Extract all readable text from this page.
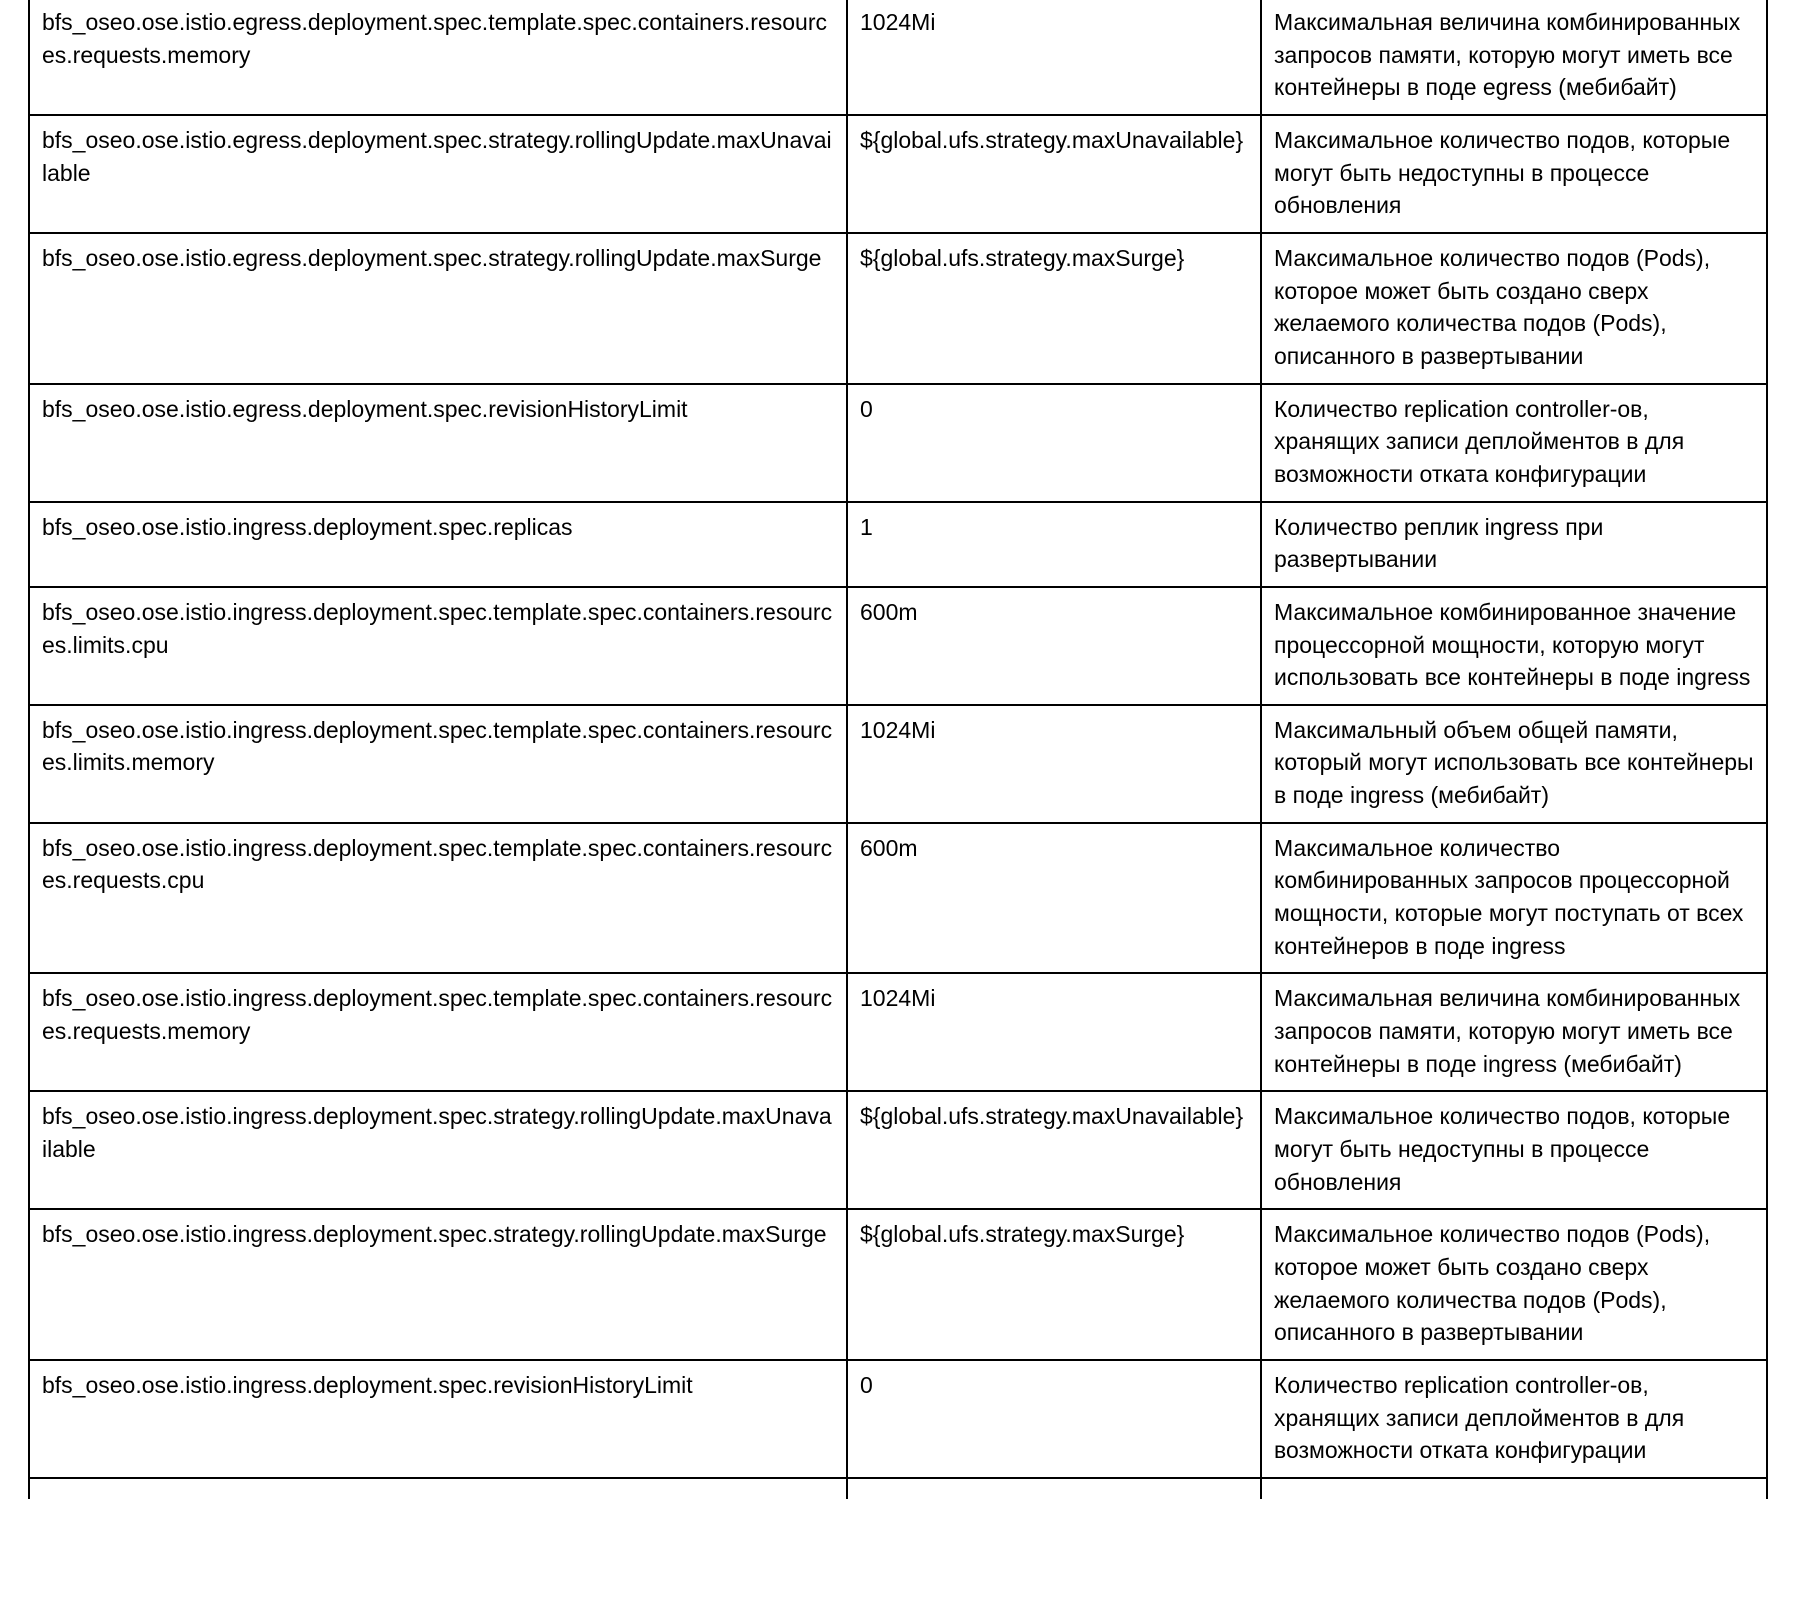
bfs_oseo.ose.istio.egress.deployment.spec.template.spec.containers.resources.requests.memory	1024Mi	Максимальная величина комбинированных запросов памяти, которую могут иметь все контейнеры в поде egress (мебибайт)
bfs_oseo.ose.istio.egress.deployment.spec.strategy.rollingUpdate.maxUnavailable	${global.ufs.strategy.maxUnavailable}	Максимальное количество подов, которые могут быть недоступны в процессе обновления
bfs_oseo.ose.istio.egress.deployment.spec.strategy.rollingUpdate.maxSurge	${global.ufs.strategy.maxSurge}	Максимальное количество подов (Pods), которое может быть создано сверх желаемого количества подов (Pods), описанного в развертывании
bfs_oseo.ose.istio.egress.deployment.spec.revisionHistoryLimit	0	Количество replication controller-ов, хранящих записи деплойментов в для возможности отката конфигурации
bfs_oseo.ose.istio.ingress.deployment.spec.replicas	1	Количество реплик ingress при развертывании
bfs_oseo.ose.istio.ingress.deployment.spec.template.spec.containers.resources.limits.cpu	600m	Максимальное комбинированное значение процессорной мощности, которую могут использовать все контейнеры в поде ingress
bfs_oseo.ose.istio.ingress.deployment.spec.template.spec.containers.resources.limits.memory	1024Mi	Максимальный объем общей памяти, который могут использовать все контейнеры в поде ingress (мебибайт)
bfs_oseo.ose.istio.ingress.deployment.spec.template.spec.containers.resources.requests.cpu	600m	Максимальное количество комбинированных запросов процессорной мощности, которые могут поступать от всех контейнеров в поде ingress
bfs_oseo.ose.istio.ingress.deployment.spec.template.spec.containers.resources.requests.memory	1024Mi	Максимальная величина комбинированных запросов памяти, которую могут иметь все контейнеры в поде ingress (мебибайт)
bfs_oseo.ose.istio.ingress.deployment.spec.strategy.rollingUpdate.maxUnavailable	${global.ufs.strategy.maxUnavailable}	Максимальное количество подов, которые могут быть недоступны в процессе обновления
bfs_oseo.ose.istio.ingress.deployment.spec.strategy.rollingUpdate.maxSurge	${global.ufs.strategy.maxSurge}	Максимальное количество подов (Pods), которое может быть создано сверх желаемого количества подов (Pods), описанного в развертывании
bfs_oseo.ose.istio.ingress.deployment.spec.revisionHistoryLimit	0	Количество replication controller-ов, хранящих записи деплойментов в для возможности отката конфигурации
